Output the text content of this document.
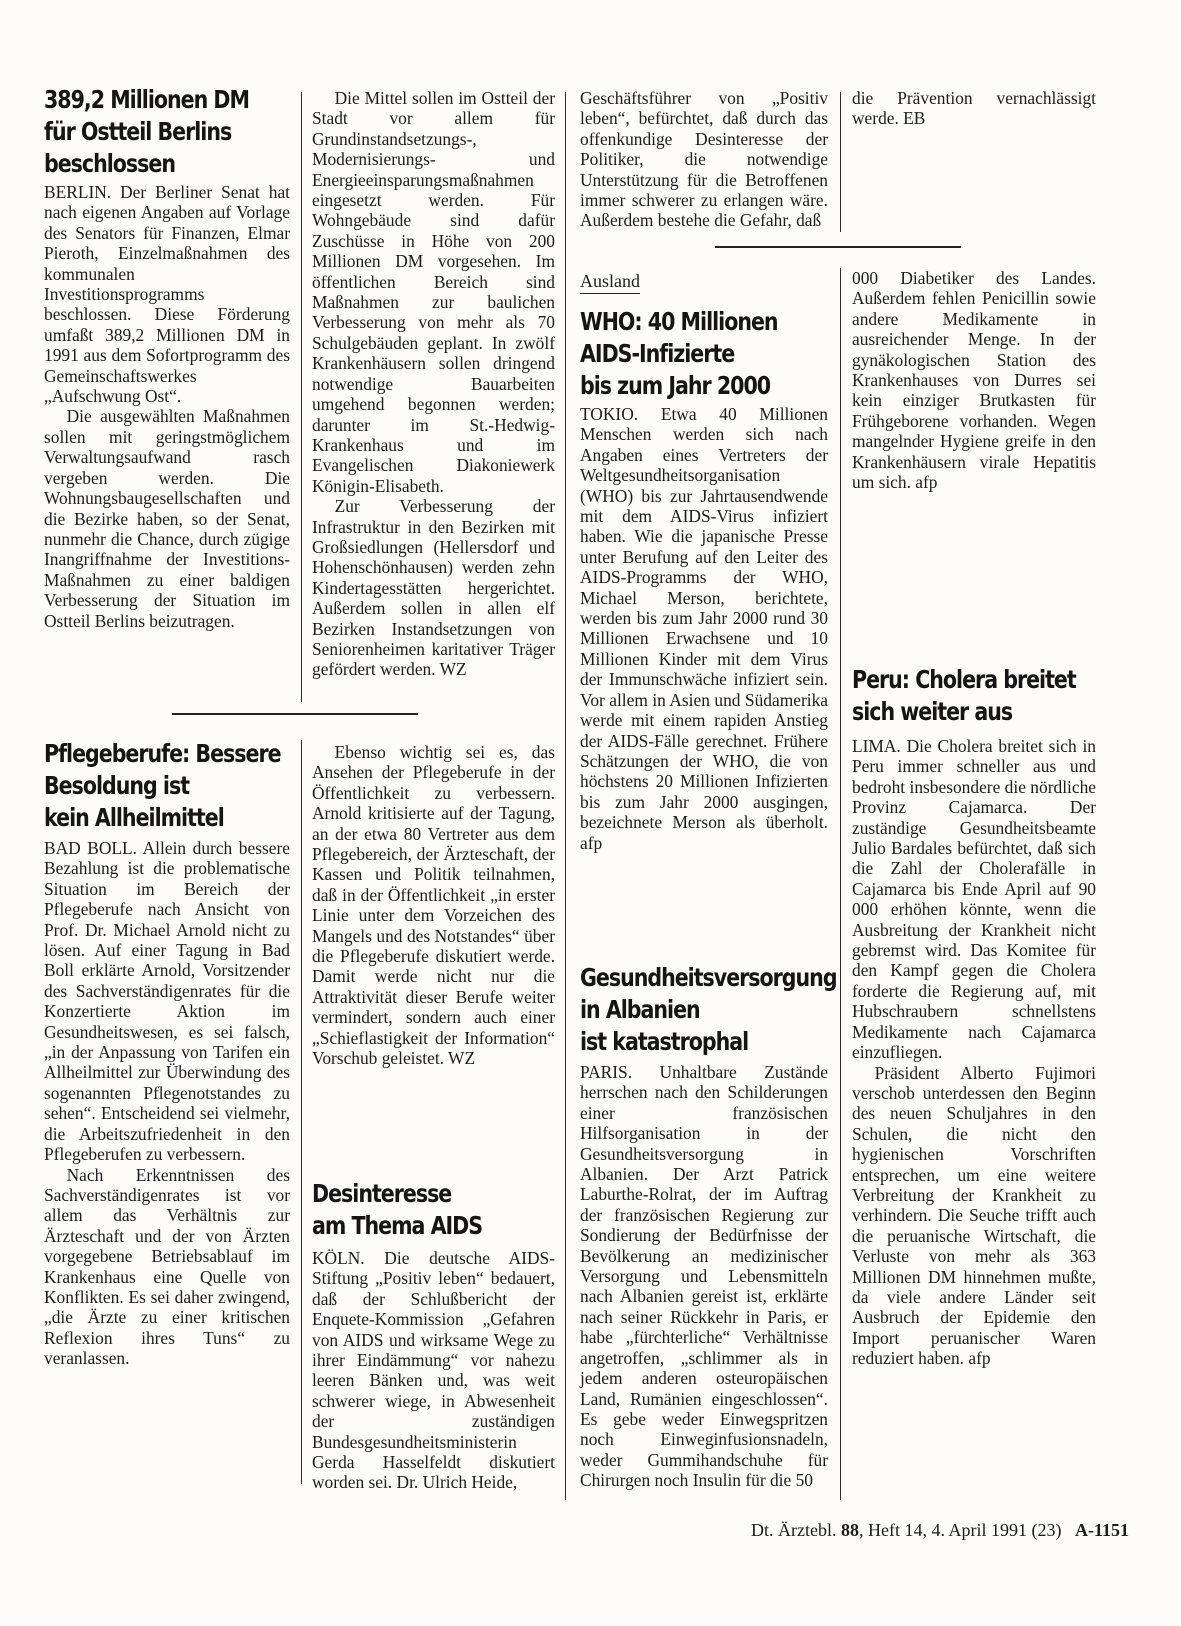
389,2 Millionen DM
für Ostteil Berlins
beschlossen

BERLIN. Der Berliner Senat hat nach eigenen Angaben auf Vorlage des Senators für Finanzen, Elmar Pieroth, Einzelmaßnahmen des kommunalen Investitionsprogramms beschlossen. Diese Förderung umfaßt 389,2 Millionen DM in 1991 aus dem Sofortprogramm des Gemeinschaftswerkes „Aufschwung Ost“.

Die ausgewählten Maßnahmen sollen mit geringstmöglichem Verwaltungsaufwand rasch vergeben werden. Die Wohnungsbaugesellschaften und die Bezirke haben, so der Senat, nunmehr die Chance, durch zügige Inangriffnahme der Investitions-Maßnahmen zu einer baldigen Verbesserung der Situation im Ostteil Berlins beizutragen.

Die Mittel sollen im Ostteil der Stadt vor allem für Grundinstandsetzungs-, Modernisierungs- und Energieeinsparungsmaßnahmen eingesetzt werden. Für Wohngebäude sind dafür Zuschüsse in Höhe von 200 Millionen DM vorgesehen. Im öffentlichen Bereich sind Maßnahmen zur baulichen Verbesserung von mehr als 70 Schulgebäuden geplant. In zwölf Krankenhäusern sollen dringend notwendige Bauarbeiten umgehend begonnen werden; darunter im St.-Hedwig-Krankenhaus und im Evangelischen Diakoniewerk Königin-Elisabeth.

Zur Verbesserung der Infrastruktur in den Bezirken mit Großsiedlungen (Hellersdorf und Hohenschönhausen) werden zehn Kindertagesstätten hergerichtet. Außerdem sollen in allen elf Bezirken Instandsetzungen von Seniorenheimen karitativer Träger gefördert werden. WZ

Pflegeberufe: Bessere
Besoldung ist
kein Allheilmittel

BAD BOLL. Allein durch bessere Bezahlung ist die problematische Situation im Bereich der Pflegeberufe nach Ansicht von Prof. Dr. Michael Arnold nicht zu lösen. Auf einer Tagung in Bad Boll erklärte Arnold, Vorsitzender des Sachverständigenrates für die Konzertierte Aktion im Gesundheitswesen, es sei falsch, „in der Anpassung von Tarifen ein Allheilmittel zur Überwindung des sogenannten Pflegenotstandes zu sehen“. Entscheidend sei vielmehr, die Arbeitszufriedenheit in den Pflegeberufen zu verbessern.

Nach Erkenntnissen des Sachverständigenrates ist vor allem das Verhältnis zur Ärzteschaft und der von Ärzten vorgegebene Betriebsablauf im Krankenhaus eine Quelle von Konflikten. Es sei daher zwingend, „die Ärzte zu einer kritischen Reflexion ihres Tuns“ zu veranlassen.

Ebenso wichtig sei es, das Ansehen der Pflegeberufe in der Öffentlichkeit zu verbessern. Arnold kritisierte auf der Tagung, an der etwa 80 Vertreter aus dem Pflegebereich, der Ärzteschaft, der Kassen und Politik teilnahmen, daß in der Öffentlichkeit „in erster Linie unter dem Vorzeichen des Mangels und des Notstandes“ über die Pflegeberufe diskutiert werde. Damit werde nicht nur die Attraktivität dieser Berufe weiter vermindert, sondern auch einer „Schieflastigkeit der Information“ Vorschub geleistet. WZ

Desinteresse
am Thema AIDS
Ausland
WHO: 40 Millionen
AIDS-Infizierte
bis zum Jahr 2000

TOKIO. Etwa 40 Millionen Menschen werden sich nach Angaben eines Vertreters der Weltgesundheitsorganisation (WHO) bis zur Jahrtausendwende mit dem AIDS-Virus infiziert haben. Wie die japanische Presse unter Berufung auf den Leiter des AIDS-Programms der WHO, Michael Merson, berichtete, werden bis zum Jahr 2000 rund 30 Millionen Erwachsene und 10 Millionen Kinder mit dem Virus der Immunschwäche infiziert sein. Vor allem in Asien und Südamerika werde mit einem rapiden Anstieg der AIDS-Fälle gerechnet. Frühere Schätzungen der WHO, die von höchstens 20 Millionen Infizierten bis zum Jahr 2000 ausgingen, bezeichnete Merson als überholt. afp

Gesundheitsversorgung
in Albanien
ist katastrophal

PARIS. Unhaltbare Zustände herrschen nach den Schilderungen einer französischen Hilfsorganisation in der Gesundheitsversorgung in Albanien. Der Arzt Patrick Laburthe-Rolrat, der im Auftrag der französischen Regierung zur Sondierung der Bedürfnisse der Bevölkerung an medizinischer Versorgung und Lebensmitteln nach Albanien gereist ist, erklärte nach seiner Rückkehr in Paris, er habe „fürchterliche“ Verhältnisse angetroffen, „schlimmer als in jedem anderen osteuropäischen Land, Rumänien eingeschlossen“. Es gebe weder Einwegspritzen noch Einweginfusionsnadeln, weder Gummihandschuhe für Chirurgen noch Insulin für die 50

000 Diabetiker des Landes. Außerdem fehlen Penicillin sowie andere Medikamente in ausreichender Menge. In der gynäkologischen Station des Krankenhauses von Durres sei kein einziger Brutkasten für Frühgeborene vorhanden. Wegen mangelnder Hygiene greife in den Krankenhäusern virale Hepatitis um sich. afp

Peru: Cholera breitet
sich weiter aus

LIMA. Die Cholera breitet sich in Peru immer schneller aus und bedroht insbesondere die nördliche Provinz Cajamarca. Der zuständige Gesundheitsbeamte Julio Bardales befürchtet, daß sich die Zahl der Cholerafälle in Cajamarca bis Ende April auf 90 000 erhöhen könnte, wenn die Ausbreitung der Krankheit nicht gebremst wird. Das Komitee für den Kampf gegen die Cholera forderte die Regierung auf, mit Hubschraubern schnellstens Medikamente nach Cajamarca einzufliegen.

Präsident Alberto Fujimori verschob unterdessen den Beginn des neuen Schuljahres in den Schulen, die nicht den hygienischen Vorschriften entsprechen, um eine weitere Verbreitung der Krankheit zu verhindern. Die Seuche trifft auch die peruanische Wirtschaft, die Verluste von mehr als 363 Millionen DM hinnehmen mußte, da viele andere Länder seit Ausbruch der Epidemie den Import peruanischer Waren reduziert haben. afp

Dt. Ärztebl. 88, Heft 14, 4. April 1991 (23) A-1151

KÖLN. Die deutsche AIDS-Stiftung „Positiv leben“ bedauert, daß der Schlußbericht der Enquete-Kommission „Gefahren von AIDS und wirksame Wege zu ihrer Eindämmung“ vor nahezu leeren Bänken und, was weit schwerer wiege, in Abwesenheit der zuständigen Bundesgesundheitsministerin Gerda Hasselfeldt diskutiert worden sei. Dr. Ulrich Heide,

Geschäftsführer von „Positiv leben“, befürchtet, daß durch das offenkundige Desinteresse der Politiker, die notwendige Unterstützung für die Betroffenen immer schwerer zu erlangen wäre. Außerdem bestehe die Gefahr, daß

die Prävention vernachlässigt werde. EB
